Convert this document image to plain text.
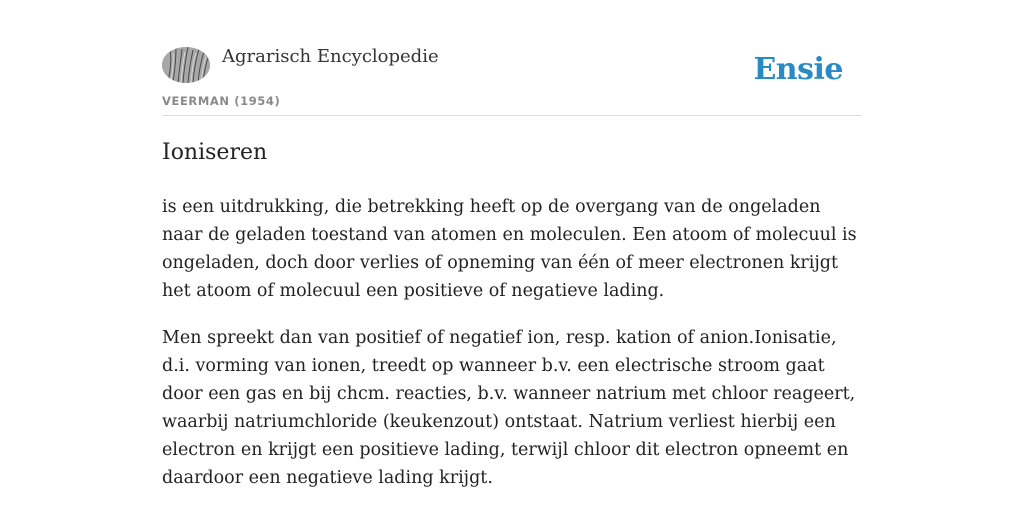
Agrarisch Encyclopedie
VEERMAN (1954)
Ensie
Ioniseren

is een uitdrukking, die betrekking heeft op de overgang van de ongeladen naar de geladen toestand van atomen en moleculen. Een atoom of molecuul is ongeladen, doch door verlies of opneming van één of meer electronen krijgt het atoom of molecuul een positieve of negatieve lading.

Men spreekt dan van positief of negatief ion, resp. kation of anion.Ionisatie, d.i. vorming van ionen, treedt op wanneer b.v. een electrische stroom gaat door een gas en bij chcm. reacties, b.v. wanneer natrium met chloor reageert, waarbij natriumchloride (keukenzout) ontstaat. Natrium verliest hierbij een electron en krijgt een positieve lading, terwijl chloor dit electron opneemt en daardoor een negatieve lading krijgt.
